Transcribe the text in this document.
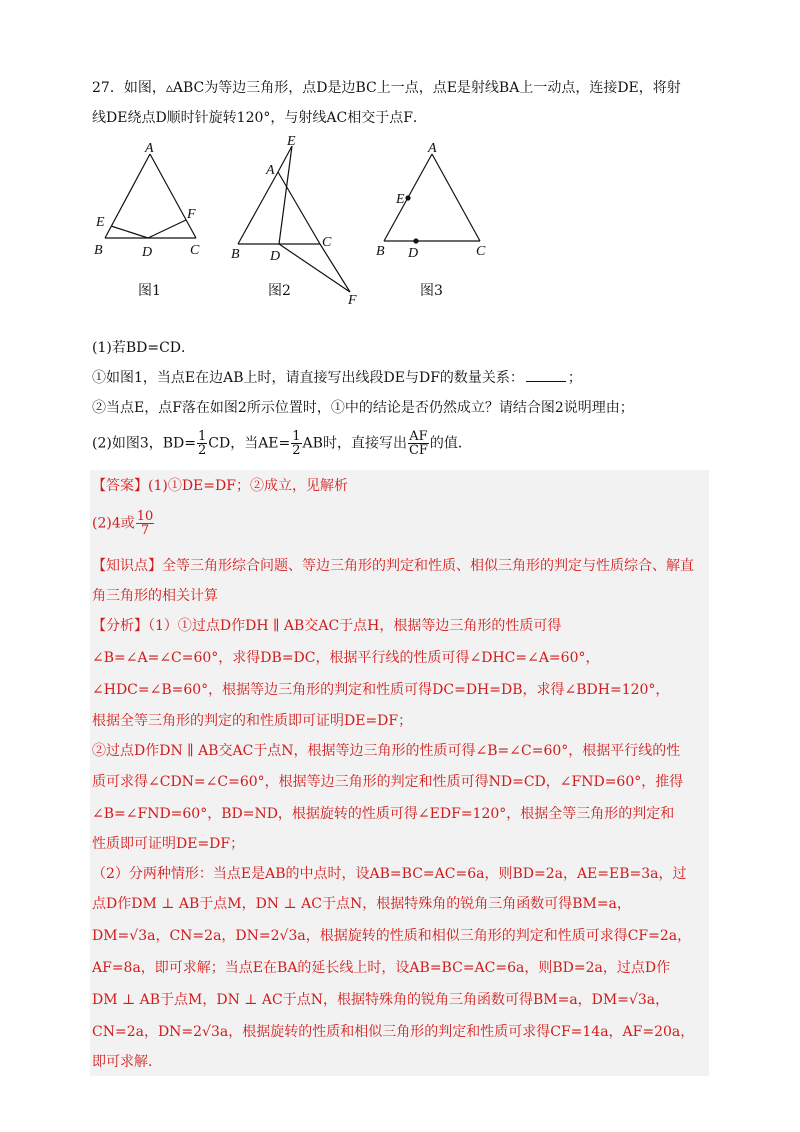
27．如图，▵ABC为等边三角形，点D是边BC上一点，点E是射线BA上一动点，连接DE，将射
线DE绕点D顺时针旋转120°，与射线AC相交于点F．
A
B	C
D
E
F
图1
A
B
C
D
E
F
图2
A
B	C
D
E
图3
(1)若BD=CD．
①如图1，当点E在边AB上时，请直接写出线段DE与DF的数量关系：	；
②当点E，点F落在如图2所示位置时，①中的结论是否仍然成立？请结合图2说明理由；
(2)如图3，$BD= \frac{1}{2}$ CD，当$AE= \frac{1}{2}$ AB时，直接写出 $\frac{AF}{CF}$ 的值．
【答案】(1)①DE=DF；②成立，见解析
(2)4或 $\frac{10}{7}$
【知识点】全等三角形综合问题、等边三角形的判定和性质、相似三角形的判定与性质综合、解直
角三角形的相关计算
【分析】（1）①过点D作DH ∥ AB交AC于点H，根据等边三角形的性质可得
∠B=∠A=∠C=60°，求得DB=DC，根据平行线的性质可得∠DHC=∠A=60°，
∠HDC=∠B=60°，根据等边三角形的判定和性质可得DC=DH=DB，求得∠BDH=120°，
根据全等三角形的判定的和性质即可证明DE=DF；
②过点D作DN ∥ AB交AC于点N，根据等边三角形的性质可得∠B=∠C=60°，根据平行线的性
质可求得∠CDN=∠C=60°，根据等边三角形的判定和性质可得ND=CD，∠FND=60°，推得
∠B=∠FND=60°，BD=ND，根据旋转的性质可得∠EDF=120°，根据全等三角形的判定和
性质即可证明DE=DF；
（2）分两种情形：当点E是AB的中点时，设AB=BC=AC=6a，则BD=2a，AE=EB=3a，过
点D作DM ⊥ AB于点M，DN ⊥ AC于点N，根据特殊角的锐角三角函数可得BM=a，
DM=√3a，CN=2a，DN=2√3a，根据旋转的性质和相似三角形的判定和性质可求得CF=2a，
AF=8a，即可求解；当点E在BA的延长线上时，设AB=BC=AC=6a，则BD=2a，过点D作
DM ⊥ AB于点M，DN ⊥ AC于点N，根据特殊角的锐角三角函数可得BM=a，DM=√3a，
CN=2a，DN=2√3a，根据旋转的性质和相似三角形的判定和性质可求得CF=14a，AF=20a，
即可求解．
